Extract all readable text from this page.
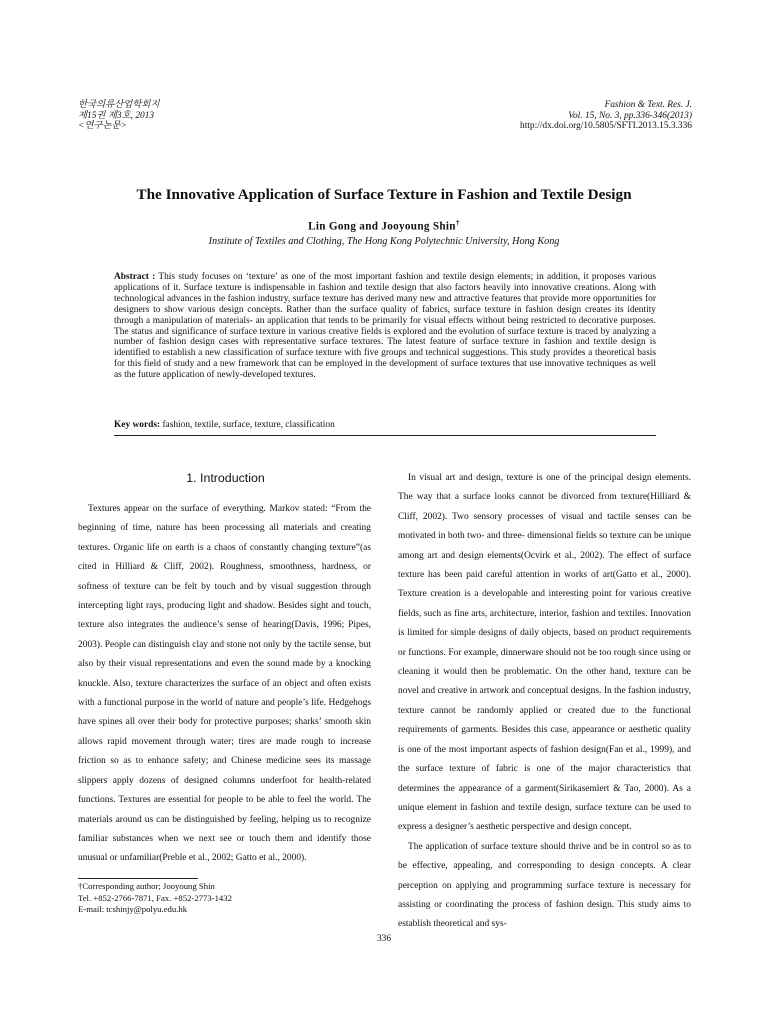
한국의류산업학회지
제15권 제3호, 2013
<연구논문>
Fashion & Text. Res. J.
Vol. 15, No. 3, pp.336-346(2013)
http://dx.doi.org/10.5805/SFTI.2013.15.3.336
The Innovative Application of Surface Texture in Fashion and Textile Design
Lin Gong and Jooyoung Shin†
Institute of Textiles and Clothing, The Hong Kong Polytechnic University, Hong Kong
Abstract : This study focuses on ‘texture’ as one of the most important fashion and textile design elements; in addition, it proposes various applications of it. Surface texture is indispensable in fashion and textile design that also factors heavily into innovative creations. Along with technological advances in the fashion industry, surface texture has derived many new and attractive features that provide more opportunities for designers to show various design concepts. Rather than the surface quality of fabrics, surface texture in fashion design creates its identity through a manipulation of materials- an application that tends to be primarily for visual effects without being restricted to decorative purposes. The status and significance of surface texture in various creative fields is explored and the evolution of surface texture is traced by analyzing a number of fashion design cases with representative surface textures. The latest feature of surface texture in fashion and textile design is identified to establish a new classification of surface texture with five groups and technical suggestions. This study provides a theoretical basis for this field of study and a new framework that can be employed in the development of surface textures that use innovative techniques as well as the future application of newly-developed textures.
Key words: fashion, textile, surface, texture, classification
1. Introduction

Textures appear on the surface of everything. Markov stated: “From the beginning of time, nature has been processing all materials and creating textures. Organic life on earth is a chaos of constantly changing texture”(as cited in Hilliard & Cliff, 2002). Roughness, smoothness, hardness, or softness of texture can be felt by touch and by visual suggestion through intercepting light rays, producing light and shadow. Besides sight and touch, texture also integrates the audience’s sense of hearing(Davis, 1996; Pipes, 2003). People can distinguish clay and stone not only by the tactile sense, but also by their visual representations and even the sound made by a knocking knuckle. Also, texture characterizes the surface of an object and often exists with a functional purpose in the world of nature and people’s life. Hedgehogs have spines all over their body for protective purposes; sharks’ smooth skin allows rapid movement through water; tires are made rough to increase friction so as to enhance safety; and Chinese medicine sees its massage slippers apply dozens of designed columns underfoot for health-related functions. Textures are essential for people to be able to feel the world. The materials around us can be distinguished by feeling, helping us to recognize familiar substances when we next see or touch them and identify those unusual or unfamiliar(Preble et al., 2002; Gatto et al., 2000).

In visual art and design, texture is one of the principal design elements. The way that a surface looks cannot be divorced from texture(Hilliard & Cliff, 2002). Two sensory processes of visual and tactile senses can be motivated in both two- and three- dimensional fields so texture can be unique among art and design elements(Ocvirk et al., 2002). The effect of surface texture has been paid careful attention in works of art(Gatto et al., 2000). Texture creation is a developable and interesting point for various creative fields, such as fine arts, architecture, interior, fashion and textiles. Innovation is limited for simple designs of daily objects, based on product requirements or functions. For example, dinnerware should not be too rough since using or cleaning it would then be problematic. On the other hand, texture can be novel and creative in artwork and conceptual designs. In the fashion industry, texture cannot be randomly applied or created due to the functional requirements of garments. Besides this case, appearance or aesthetic quality is one of the most important aspects of fashion design(Fan et al., 1999), and the surface texture of fabric is one of the major characteristics that determines the appearance of a garment(Sirikasemlert & Tao, 2000). As a unique element in fashion and textile design, surface texture can be used to express a designer’s aesthetic perspective and design concept.

The application of surface texture should thrive and be in control so as to be effective, appealing, and corresponding to design concepts. A clear perception on applying and programming surface texture is necessary for assisting or coordinating the process of fashion design. This study aims to establish theoretical and sys-

†Corresponding author; Jooyoung Shin
Tel. +852-2766-7871, Fax. +852-2773-1432
E-mail: tcshinjy@polyu.edu.hk
336
